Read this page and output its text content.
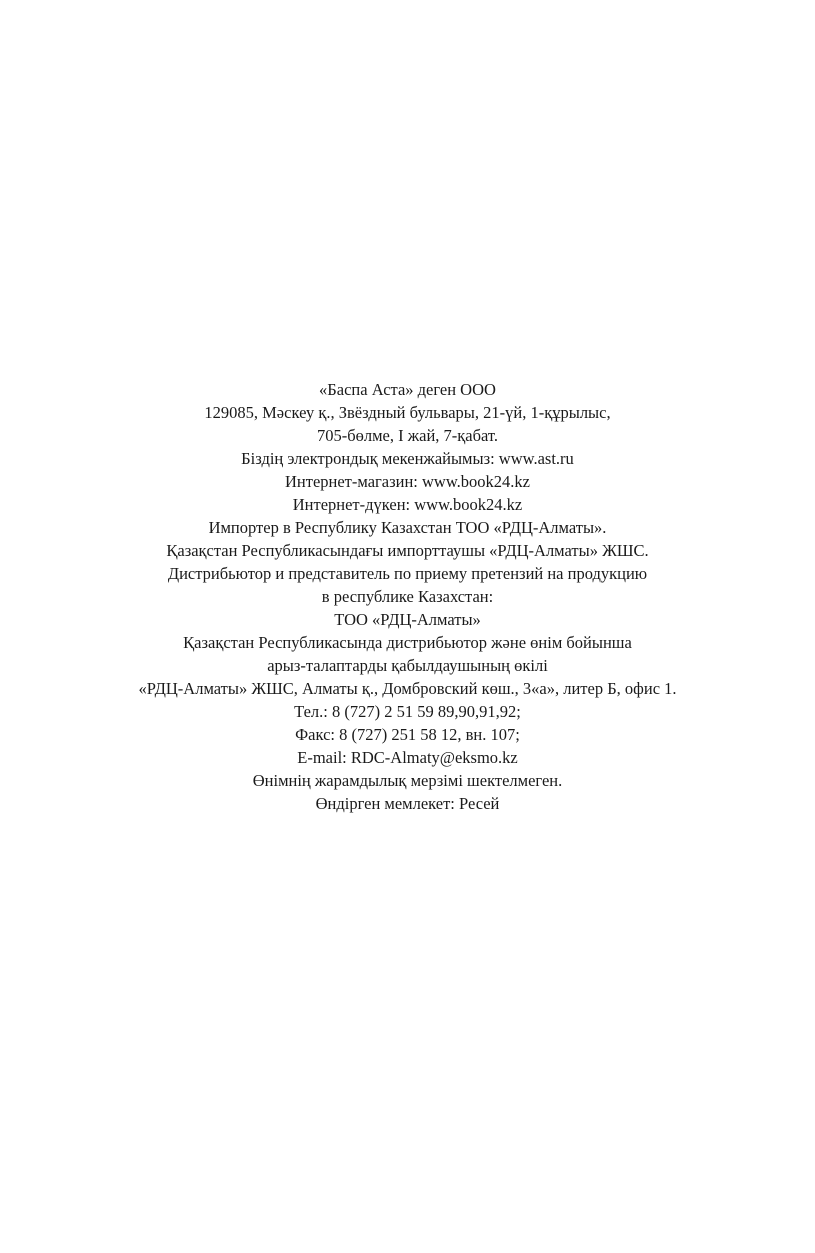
«Баспа Аста» деген ООО

129085, Мәскеу қ., Звёздный бульвары, 21-үй, 1-құрылыс,

705-бөлме, І жай, 7-қабат.

Біздің электрондық мекенжайымыз: www.ast.ru

Интернет-магазин: www.book24.kz

Интернет-дүкен: www.book24.kz

Импортер в Республику Казахстан ТОО «РДЦ-Алматы».

Қазақстан Республикасындағы импорттаушы «РДЦ-Алматы» ЖШС.

Дистрибьютор и представитель по приему претензий на продукцию

в республике Казахстан:

ТОО «РДЦ-Алматы»

Қазақстан Республикасында дистрибьютор және өнім бойынша

арыз-талаптарды қабылдаушының өкілі

«РДЦ-Алматы» ЖШС, Алматы қ., Домбровский көш., 3«а», литер Б, офис 1.

Тел.: 8 (727) 2 51 59 89,90,91,92;

Факс: 8 (727) 251 58 12, вн. 107;

E-mail: RDC-Almaty@eksmo.kz

Өнімнің жарамдылық мерзімі шектелмеген.

Өндірген мемлекет: Ресей
